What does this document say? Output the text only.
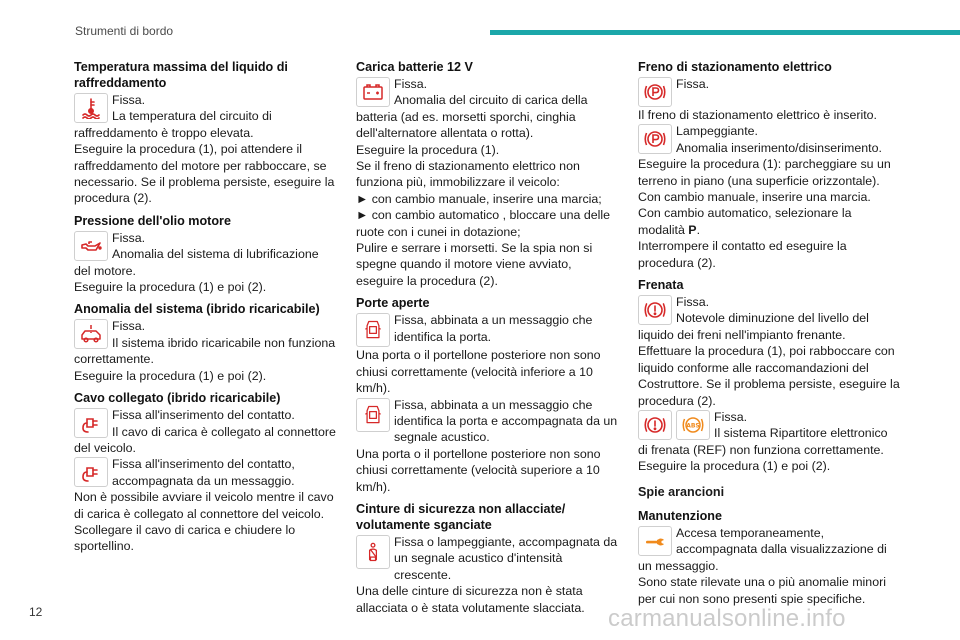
Strumenti di bordo
Temperatura massima del liquido di raffreddamento

Fissa.

La temperatura del circuito di raffreddamento è troppo elevata.

Eseguire la procedura (1), poi attendere il raffreddamento del motore per rabboccare, se necessario. Se il problema persiste, eseguire la procedura (2).

Pressione dell'olio motore

Fissa.

Anomalia del sistema di lubrificazione del motore.

Eseguire la procedura (1) e poi (2).

Anomalia del sistema (ibrido ricaricabile)

Fissa.

Il sistema ibrido ricaricabile non funziona correttamente.

Eseguire la procedura (1) e poi (2).

Cavo collegato (ibrido ricaricabile)

Fissa all'inserimento del contatto.

Il cavo di carica è collegato al connettore del veicolo.

Fissa all'inserimento del contatto, accompagnata da un messaggio.

Non è possibile avviare il veicolo mentre il cavo di carica è collegato al connettore del veicolo. Scollegare il cavo di carica e chiudere lo sportellino.

Carica batterie 12 V

Fissa.

Anomalia del circuito di carica della batteria (ad es. morsetti sporchi, cinghia dell'alternatore allentata o rotta).

Eseguire la procedura (1).

Se il freno di stazionamento elettrico non funziona più, immobilizzare il veicolo:

► con cambio manuale, inserire una marcia;

► con cambio automatico , bloccare una delle ruote con i cunei in dotazione;

Pulire e serrare i morsetti. Se la spia non si spegne quando il motore viene avviato, eseguire la procedura (2).

Porte aperte

Fissa, abbinata a un messaggio che identifica la porta.

Una porta o il portellone posteriore non sono chiusi correttamente (velocità inferiore a 10 km/h).

Fissa, abbinata a un messaggio che identifica la porta e accompagnata da un segnale acustico.

Una porta o il portellone posteriore non sono chiusi correttamente (velocità superiore a 10 km/h).

Cinture di sicurezza non allacciate/ volutamente sganciate

Fissa o lampeggiante, accompagnata da un segnale acustico d'intensità crescente.

Una delle cinture di sicurezza non è stata allacciata o è stata volutamente slacciata.

Freno di stazionamento elettrico

Fissa.

Il freno di stazionamento elettrico è inserito.

Lampeggiante.

Anomalia inserimento/disinserimento.

Eseguire la procedura (1): parcheggiare su un terreno in piano (una superficie orizzontale).

Con cambio manuale, inserire una marcia.

Con cambio automatico, selezionare la modalità P.

Interrompere il contatto ed eseguire la procedura (2).

Frenata

Fissa.

Notevole diminuzione del livello del liquido dei freni nell'impianto frenante.

Effettuare la procedura (1), poi rabboccare con liquido conforme alle raccomandazioni del Costruttore. Se il problema persiste, eseguire la procedura (2).

ABS

Fissa.

Il sistema Ripartitore elettronico di frenata (REF) non funziona correttamente.

Eseguire la procedura (1) e poi (2).

Spie arancioni
Manutenzione

Accesa temporaneamente, accompagnata dalla visualizzazione di un messaggio.

Sono state rilevate una o più anomalie minori per cui non sono presenti spie specifiche.

12	carmanualsonline.info
